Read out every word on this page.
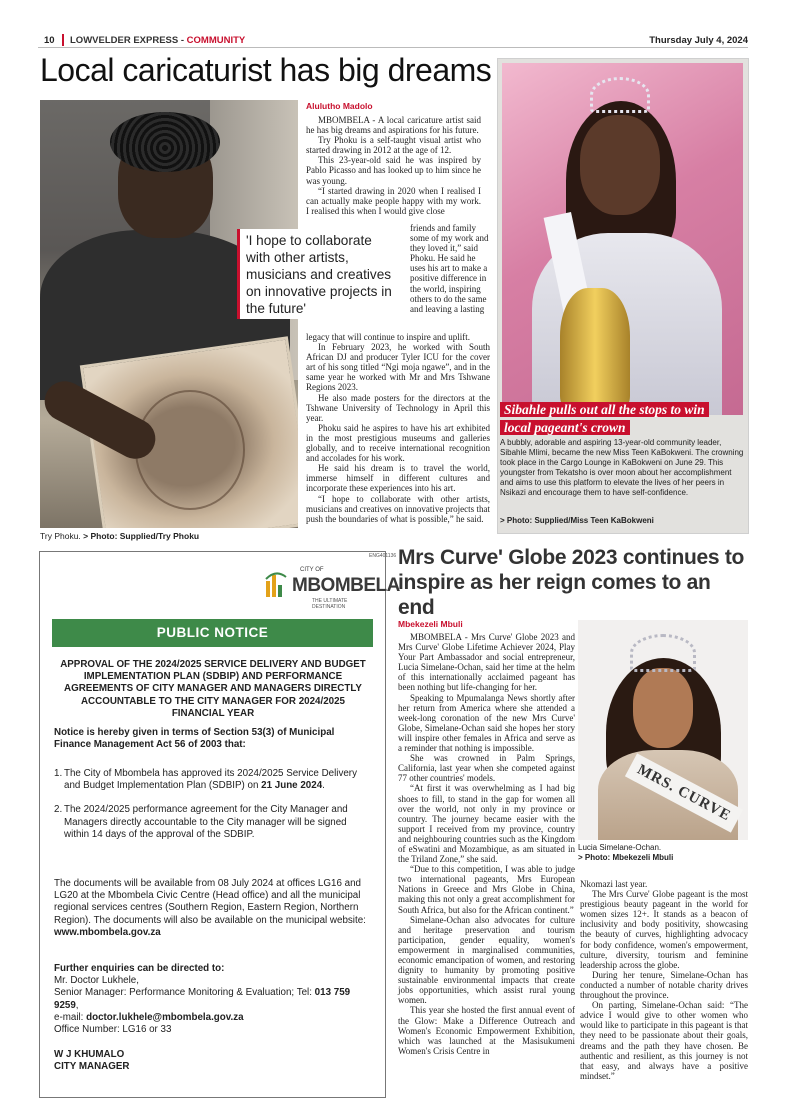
10 LOWVELDER EXPRESS - COMMUNITY	Thursday July 4, 2024
Local caricaturist has big dreams
Try Phoku. > Photo: Supplied/Try Phoku
Alulutho Madolo

MBOMBELA - A local caricature artist said he has big dreams and aspirations for his future.

Try Phoku is a self-taught visual artist who started drawing in 2012 at the age of 12.

This 23-year-old said he was inspired by Pablo Picasso and has looked up to him since he was young.

“I started drawing in 2020 when I realised I can actually make people happy with my work. I realised this when I would give close

friends and family some of my work and they loved it,” said Phoku. He said he uses his art to make a positive difference in the world, inspiring others to do the same and leaving a lasting

legacy that will continue to inspire and uplift.

In February 2023, he worked with South African DJ and producer Tyler ICU for the cover art of his song titled “Ngi moja ngawe”, and in the same year he worked with Mr and Mrs Tshwane Regions 2023.

He also made posters for the directors at the Tshwane University of Technology in April this year.

Phoku said he aspires to have his art exhibited in the most prestigious museums and galleries globally, and to receive international recognition and accolades for his work.

He said his dream is to travel the world, immerse himself in different cultures and incorporate these experiences into his art.

“I hope to collaborate with other artists, musicians and creatives on innovative projects that push the boundaries of what is possible,” he said.

'I hope to collaborate with other artists, musicians and creatives on innovative projects in the future'
Sibahle pulls out all the stops to win local pageant's crown
A bubbly, adorable and aspiring 13-year-old community leader, Sibahle Mlimi, became the new Miss Teen KaBokweni. The crowning took place in the Cargo Lounge in KaBokweni on June 29. This youngster from Tekatsho is over moon about her accomplishment and aims to use this platform to elevate the lives of her peers in Nsikazi and encourage them to have self-confidence.
> Photo: Supplied/Miss Teen KaBokweni
ENG401136
CITY OF
MBOMBELA
THE ULTIMATE DESTINATION
PUBLIC NOTICE
APPROVAL OF THE 2024/2025 SERVICE DELIVERY AND BUDGET IMPLEMENTATION PLAN (SDBIP) AND PERFORMANCE AGREEMENTS OF CITY MANAGER AND MANAGERS DIRECTLY ACCOUNTABLE TO THE CITY MANAGER FOR 2024/2025 FINANCIAL YEAR
Notice is hereby given in terms of Section 53(3) of Municipal Finance Management Act 56 of 2003 that:
1. The City of Mbombela has approved its 2024/2025 Service Delivery and Budget Implementation Plan (SDBIP) on 21 June 2024.
2. The 2024/2025 performance agreement for the City Manager and Managers directly accountable to the City manager will be signed within 14 days of the approval of the SDBIP.
The documents will be available from 08 July 2024 at offices LG16 and LG20 at the Mbombela Civic Centre (Head office) and all the municipal regional services centres (Southern Region, Eastern Region, Northern Region). The documents will also be available on the municipal website:
www.mbombela.gov.za
Further enquiries can be directed to:
Mr. Doctor Lukhele,
Senior Manager: Performance Monitoring & Evaluation; Tel: 013 759 9259,
e-mail: doctor.lukhele@mbombela.gov.za
Office Number: LG16 or 33
W J KHUMALO
CITY MANAGER
Mrs Curve' Globe 2023 continues to inspire as her reign comes to an end
Mbekezeli Mbuli

MBOMBELA - Mrs Curve' Globe 2023 and Mrs Curve' Globe Lifetime Achiever 2024, Play Your Part Ambassador and social entrepreneur, Lucia Simelane-Ochan, said her time at the helm of this internationally acclaimed pageant has been nothing but life-changing for her.

Speaking to Mpumalanga News shortly after her return from America where she attended a week-long coronation of the new Mrs Curve' Globe, Simelane-Ochan said she hopes her story will inspire other females in Africa and serve as a reminder that nothing is impossible.

She was crowned in Palm Springs, California, last year when she competed against 77 other countries' models.

“At first it was overwhelming as I had big shoes to fill, to stand in the gap for women all over the world, not only in my province or country. The journey became easier with the support I received from my province, country and neighbouring countries such as the Kingdom of eSwatini and Mozambique, as am situated in the Triland Zone,” she said.

“Due to this competition, I was able to judge two international pageants, Mrs European Nations in Greece and Mrs Globe in China, making this not only a great accomplishment for South Africa, but also for the African continent.”

Simelane-Ochan also advocates for culture and heritage preservation and tourism participation, gender equality, women's empowerment in marginalised communities, economic emancipation of women, and restoring dignity to humanity by promoting positive sustainable environmental impacts that create jobs opportunities, which assist rural young women.

This year she hosted the first annual event of the Glow: Make a Difference Outreach and Women's Economic Empowerment Exhibition, which was launched at the Masisukumeni Women's Crisis Centre in

MRS. CURVE
Lucia Simelane-Ochan.
> Photo: Mbekezeli Mbuli

Nkomazi last year.

The Mrs Curve' Globe pageant is the most prestigious beauty pageant in the world for women sizes 12+. It stands as a beacon of inclusivity and body positivity, showcasing the beauty of curves, highlighting advocacy for body confidence, women's empowerment, culture, diversity, tourism and feminine leadership across the globe.

During her tenure, Simelane-Ochan has conducted a number of notable charity drives throughout the province.

On parting, Simelane-Ochan said: “The advice I would give to other women who would like to participate in this pageant is that they need to be passionate about their goals, dreams and the path they have chosen. Be authentic and resilient, as this journey is not that easy, and always have a positive mindset.”
